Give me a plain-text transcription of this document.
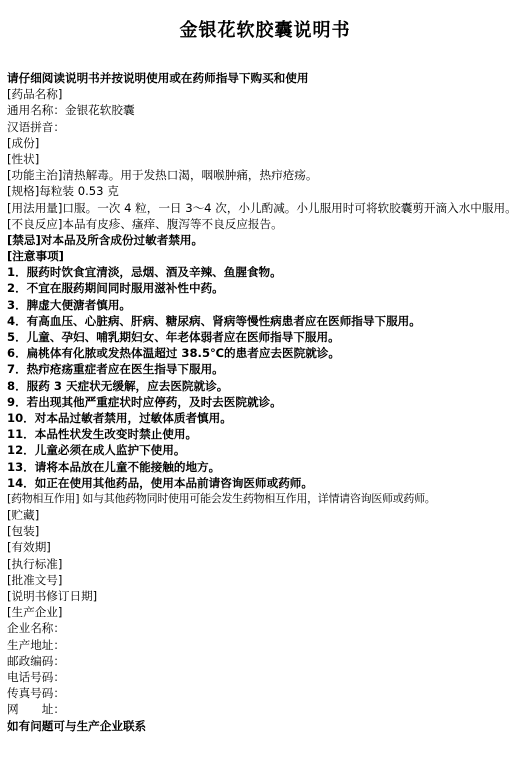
金银花软胶囊说明书
请仔细阅读说明书并按说明使用或在药师指导下购买和使用
[药品名称]
通用名称：金银花软胶囊
汉语拼音：
[成份]
[性状]
[功能主治]清热解毒。用于发热口渴，咽喉肿痛，热疖疮疡。
[规格]每粒装 0.53 克
[用法用量]口服。一次 4 粒，一日 3～4 次，小儿酌减。小儿服用时可将软胶囊剪开滴入水中服用。
[不良反应]本品有皮疹、瘙痒、腹泻等不良反应报告。
[禁忌]对本品及所含成份过敏者禁用。
[注意事项]
1．服药时饮食宜清淡，忌烟、酒及辛辣、鱼腥食物。
2．不宜在服药期间同时服用滋补性中药。
3．脾虚大便溏者慎用。
4．有高血压、心脏病、肝病、糖尿病、肾病等慢性病患者应在医师指导下服用。
5．儿童、孕妇、哺乳期妇女、年老体弱者应在医师指导下服用。
6．扁桃体有化脓或发热体温超过 38.5℃的患者应去医院就诊。
7．热疖疮疡重症者应在医生指导下服用。
8．服药 3 天症状无缓解，应去医院就诊。
9．若出现其他严重症状时应停药，及时去医院就诊。
10．对本品过敏者禁用，过敏体质者慎用。
11．本品性状发生改变时禁止使用。
12．儿童必须在成人监护下使用。
13．请将本品放在儿童不能接触的地方。
14．如正在使用其他药品，使用本品前请咨询医师或药师。
[药物相互作用] 如与其他药物同时使用可能会发生药物相互作用，详情请咨询医师或药师。
[贮藏]
[包装]
[有效期]
[执行标准]
[批准文号]
[说明书修订日期]
[生产企业]
企业名称：
生产地址：
邮政编码：
电话号码：
传真号码：
网　　址：
如有问题可与生产企业联系
